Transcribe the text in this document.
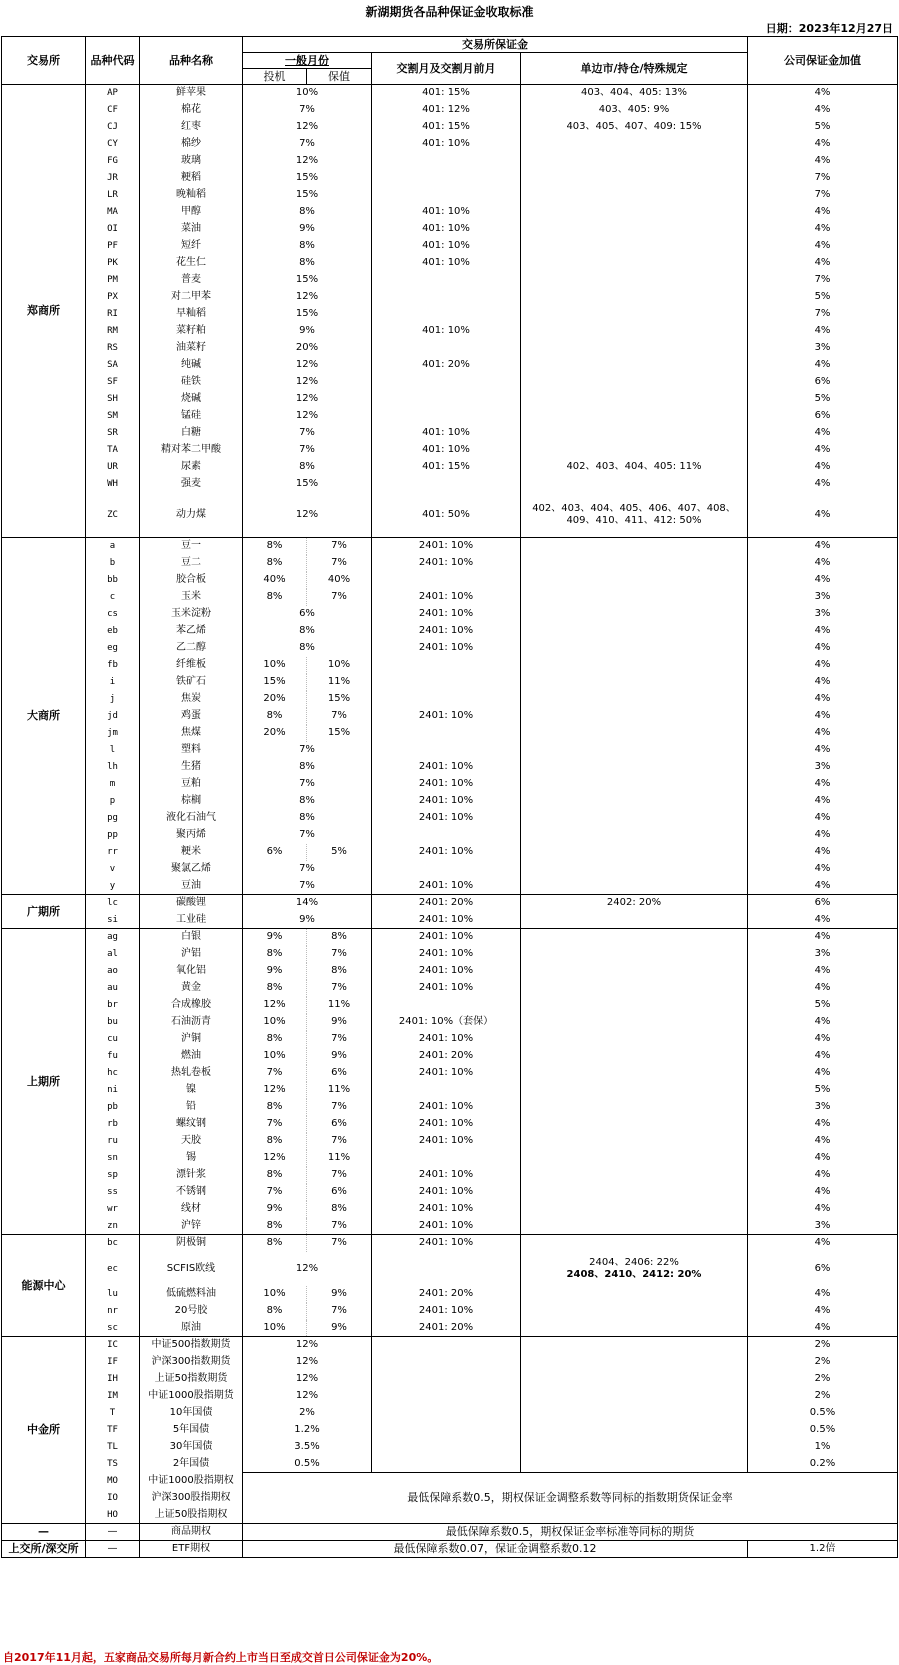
新湖期货各品种保证金收取标准
日期：2023年12月27日
交易所	品种代码	品种名称	交易所保证金				公司保证金加值
			一般月份		交割月及交割月前月	单边市/持仓/特殊规定	
			投机	保值			
郑商所	AP	鲜苹果	10%		401: 15%	403、404、405: 13%	4%
	CF	棉花	7%		401: 12%	403、405: 9%	4%
	CJ	红枣	12%		401: 15%	403、405、407、409: 15%	5%
	CY	棉纱	7%		401: 10%		4%
	FG	玻璃	12%				4%
	JR	粳稻	15%				7%
	LR	晚籼稻	15%				7%
	MA	甲醇	8%		401: 10%		4%
	OI	菜油	9%		401: 10%		4%
	PF	短纤	8%		401: 10%		4%
	PK	花生仁	8%		401: 10%		4%
	PM	普麦	15%				7%
	PX	对二甲苯	12%				5%
	RI	早籼稻	15%				7%
	RM	菜籽粕	9%		401: 10%		4%
	RS	油菜籽	20%				3%
	SA	纯碱	12%		401: 20%		4%
	SF	硅铁	12%				6%
	SH	烧碱	12%				5%
	SM	锰硅	12%				6%
	SR	白糖	7%		401: 10%		4%
	TA	精对苯二甲酸	7%		401: 10%		4%
	UR	尿素	8%		401: 15%	402、403、404、405: 11%	4%
	WH	强麦	15%				4%
	ZC	动力煤	12%		401: 50%	402、403、404、405、406、407、408、409、410、411、412: 50%	4%
大商所	a	豆一	8%	7%	2401: 10%		4%
	b	豆二	8%	7%	2401: 10%		4%
	bb	胶合板	40%	40%			4%
	c	玉米	8%	7%	2401: 10%		3%
	cs	玉米淀粉	6%		2401: 10%		3%
	eb	苯乙烯	8%		2401: 10%		4%
	eg	乙二醇	8%		2401: 10%		4%
	fb	纤维板	10%	10%			4%
	i	铁矿石	15%	11%			4%
	j	焦炭	20%	15%			4%
	jd	鸡蛋	8%	7%	2401: 10%		4%
	jm	焦煤	20%	15%			4%
	l	塑料	7%				4%
	lh	生猪	8%		2401: 10%		3%
	m	豆粕	7%		2401: 10%		4%
	p	棕榈	8%		2401: 10%		4%
	pg	液化石油气	8%		2401: 10%		4%
	pp	聚丙烯	7%				4%
	rr	粳米	6%	5%	2401: 10%		4%
	v	聚氯乙烯	7%				4%
	y	豆油	7%		2401: 10%		4%
广期所	lc	碳酸锂	14%		2401: 20%	2402: 20%	6%
	si	工业硅	9%		2401: 10%		4%
上期所	ag	白银	9%	8%	2401: 10%		4%
	al	沪铝	8%	7%	2401: 10%		3%
	ao	氧化铝	9%	8%	2401: 10%		4%
	au	黄金	8%	7%	2401: 10%		4%
	br	合成橡胶	12%	11%			5%
	bu	石油沥青	10%	9%	2401: 10%（套保）		4%
	cu	沪铜	8%	7%	2401: 10%		4%
	fu	燃油	10%	9%	2401: 20%		4%
	hc	热轧卷板	7%	6%	2401: 10%		4%
	ni	镍	12%	11%			5%
	pb	铅	8%	7%	2401: 10%		3%
	rb	螺纹钢	7%	6%	2401: 10%		4%
	ru	天胶	8%	7%	2401: 10%		4%
	sn	锡	12%	11%			4%
	sp	漂针浆	8%	7%	2401: 10%		4%
	ss	不锈钢	7%	6%	2401: 10%		4%
	wr	线材	9%	8%	2401: 10%		4%
	zn	沪锌	8%	7%	2401: 10%		3%
能源中心	bc	阴极铜	8%	7%	2401: 10%		4%
	ec	SCFIS欧线	12%			2404、2406: 22%
2408、2410、2412: 20%	6%
	lu	低硫燃料油	10%	9%	2401: 20%		4%
	nr	20号胶	8%	7%	2401: 10%		4%
	sc	原油	10%	9%	2401: 20%		4%
中金所	IC	中证500指数期货	12%				2%
	IF	沪深300指数期货	12%				2%
	IH	上证50指数期货	12%				2%
	IM	中证1000股指期货	12%				2%
	T	10年国债	2%				0.5%
	TF	5年国债	1.2%				0.5%
	TL	30年国债	3.5%				1%
	TS	2年国债	0.5%				0.2%
	MO	中证1000股指期权	最低保障系数0.5，期权保证金调整系数等同标的指数期货保证金率				
	IO	沪深300股指期权					
	HO	上证50股指期权					
—	—	商品期权	最低保障系数0.5，期权保证金率标准等同标的期货				
上交所/深交所	—	ETF期权	最低保障系数0.07，保证金调整系数0.12				1.2倍
自2017年11月起，五家商品交易所每月新合约上市当日至成交首日公司保证金为20%。
